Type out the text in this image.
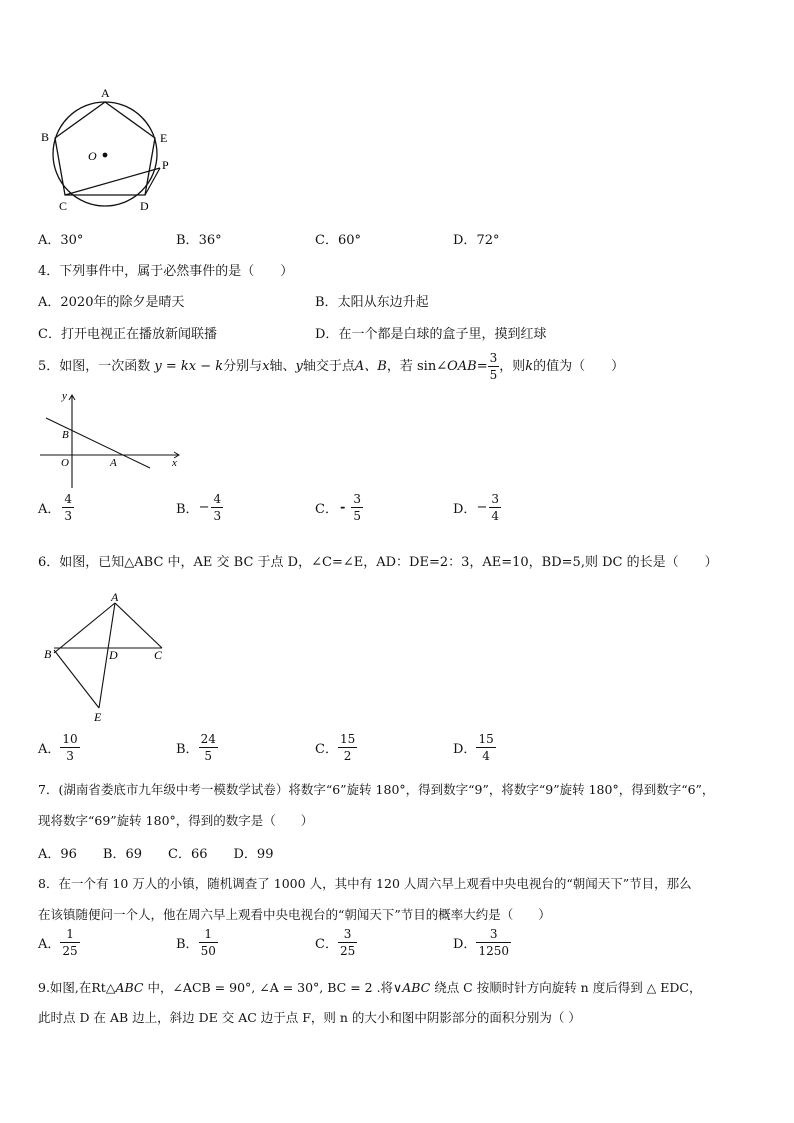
A
B	E
P
C	D
O
A．30°	B．36°	C．60°	D．72°
4．下列事件中，属于必然事件的是（　　）
A．2020年的除夕是晴天	B．太阳从东边升起
C．打开电视正在播放新闻联播	D．在一个都是白球的盒子里，摸到红球
5．如图，一次函数 y = kx − k分别与x轴、y轴交于点A、B，若 sin∠OAB= $\frac{3}{5}$ ，则k的值为（　　）
y
x
B
O	A
A． $\frac{4}{3}$	B．− $\frac{4}{3}$	C． - $\frac{3}{5}$	D．− $\frac{3}{4}$
6．如图，已知△ABC 中，AE 交 BC 于点 D，∠C=∠E，AD：DE=2：3，AE=10，BD=5,则 DC 的长是（　　）
A
B	D	C
E
A． $\frac{10}{3}$	B． $\frac{24}{5}$	C． $\frac{15}{2}$	D． $\frac{15}{4}$
7．(湖南省娄底市九年级中考一模数学试卷）将数字“6”旋转 180°，得到数字“9”，将数字“9”旋转 180°，得到数字“6”，
现将数字“69”旋转 180°，得到的数字是（　　）
A．96　　B．69　　C．66　　D．99
8．在一个有 10 万人的小镇，随机调查了 1000 人，其中有 120 人周六早上观看中央电视台的“朝闻天下”节目，那么
在该镇随便问一个人，他在周六早上观看中央电视台的“朝闻天下”节目的概率大约是（　　）
A． $\frac{1}{25}$	B． $\frac{1}{50}$	C． $\frac{3}{25}$	D． $\frac{3}{1250}$
9.如图,在Rt△ABC 中，∠ACB = 90°, ∠A = 30°, BC = 2 .将∨ABC 绕点 C 按顺时针方向旋转 n 度后得到 △ EDC，
此时点 D 在 AB 边上，斜边 DE 交 AC 边于点 F，则 n 的大小和图中阴影部分的面积分别为（ ）
